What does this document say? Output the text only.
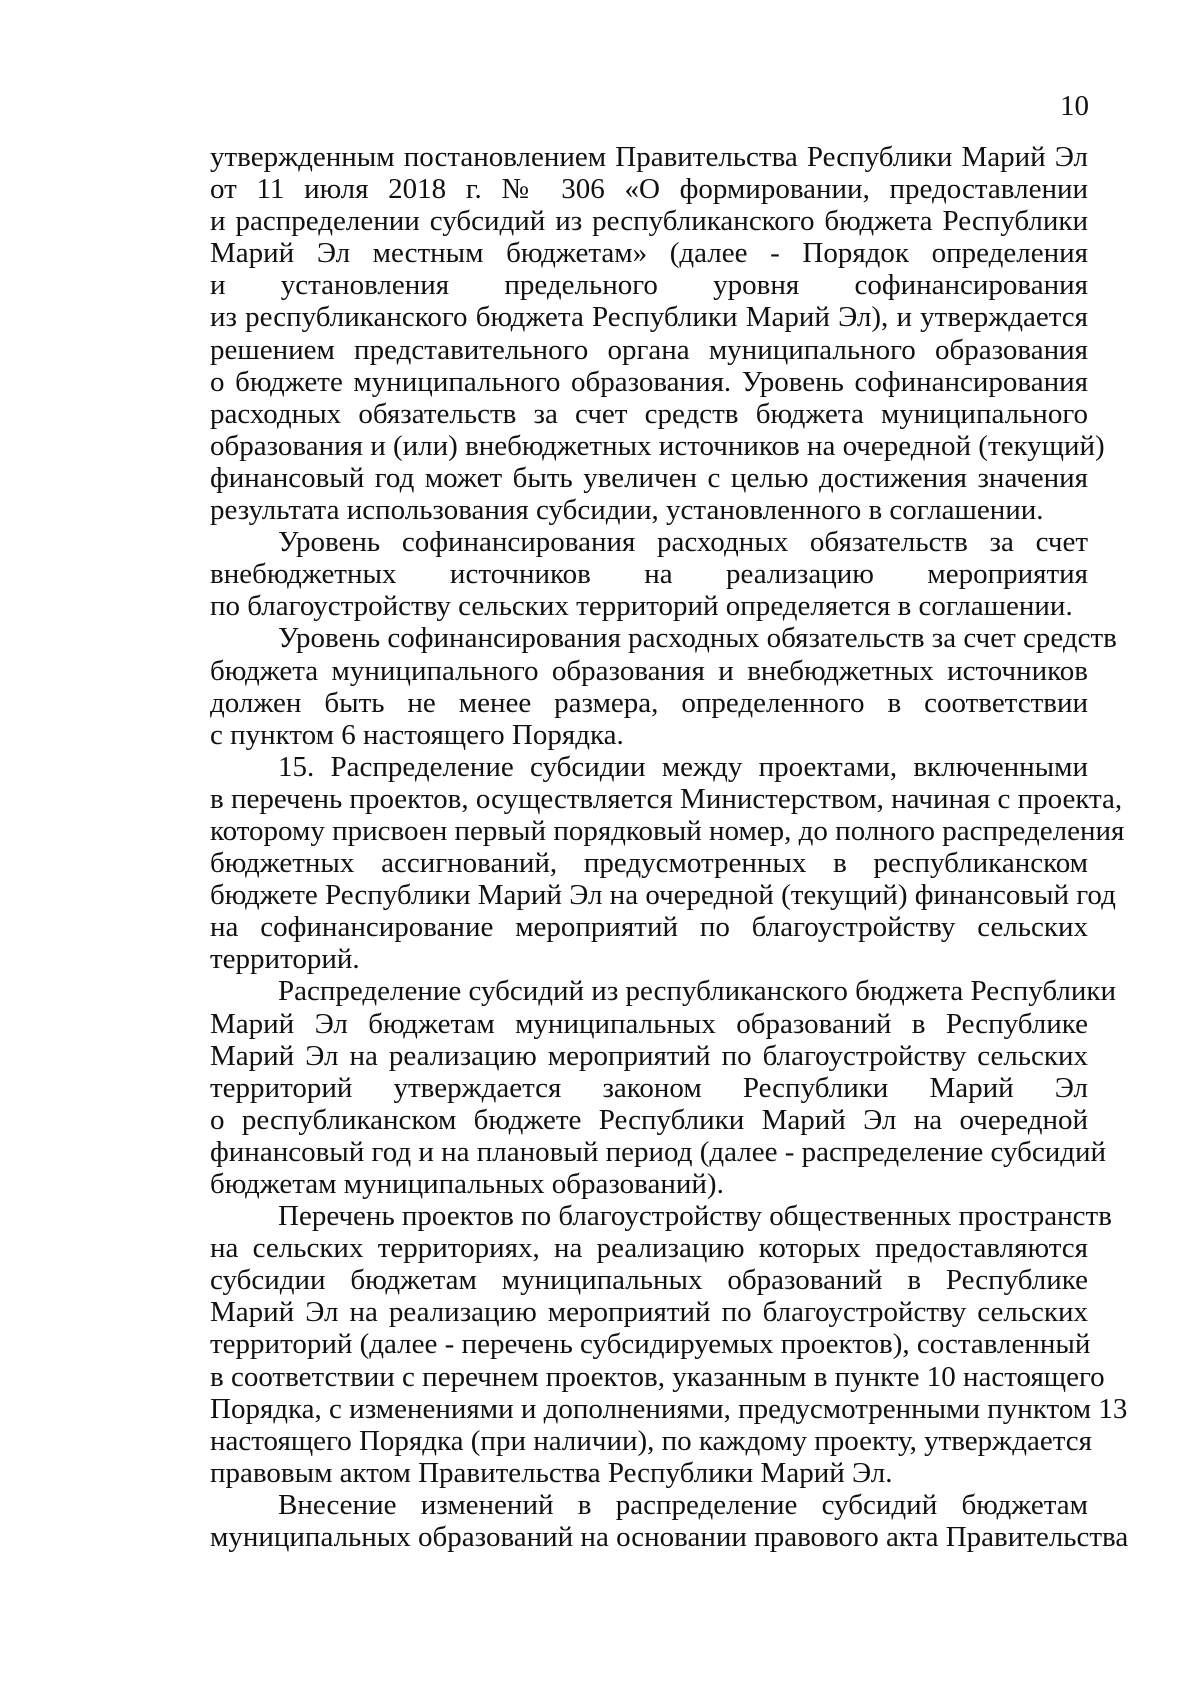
10
утвержденным постановлением Правительства Республики Марий Эл
от 11 июля 2018 г. № 306 «О формировании, предоставлении
и распределении субсидий из республиканского бюджета Республики
Марий Эл местным бюджетам» (далее - Порядок определения
и установления предельного уровня софинансирования
из республиканского бюджета Республики Марий Эл), и утверждается
решением представительного органа муниципального образования
о бюджете муниципального образования. Уровень софинансирования
расходных обязательств за счет средств бюджета муниципального
образования и (или) внебюджетных источников на очередной (текущий)
финансовый год может быть увеличен с целью достижения значения
результата использования субсидии, установленного в соглашении.
Уровень софинансирования расходных обязательств за счет
внебюджетных источников на реализацию мероприятия
по благоустройству сельских территорий определяется в соглашении.
Уровень софинансирования расходных обязательств за счет средств
бюджета муниципального образования и внебюджетных источников
должен быть не менее размера, определенного в соответствии
с пунктом 6 настоящего Порядка.
15. Распределение субсидии между проектами, включенными
в перечень проектов, осуществляется Министерством, начиная с проекта,
которому присвоен первый порядковый номер, до полного распределения
бюджетных ассигнований, предусмотренных в республиканском
бюджете Республики Марий Эл на очередной (текущий) финансовый год
на софинансирование мероприятий по благоустройству сельских
территорий.
Распределение субсидий из республиканского бюджета Республики
Марий Эл бюджетам муниципальных образований в Республике
Марий Эл на реализацию мероприятий по благоустройству сельских
территорий утверждается законом Республики Марий Эл
о республиканском бюджете Республики Марий Эл на очередной
финансовый год и на плановый период (далее - распределение субсидий
бюджетам муниципальных образований).
Перечень проектов по благоустройству общественных пространств
на сельских территориях, на реализацию которых предоставляются
субсидии бюджетам муниципальных образований в Республике
Марий Эл на реализацию мероприятий по благоустройству сельских
территорий (далее - перечень субсидируемых проектов), составленный
в соответствии с перечнем проектов, указанным в пункте 10 настоящего
Порядка, с изменениями и дополнениями, предусмотренными пунктом 13
настоящего Порядка (при наличии), по каждому проекту, утверждается
правовым актом Правительства Республики Марий Эл.
Внесение изменений в распределение субсидий бюджетам
муниципальных образований на основании правового акта Правительства
